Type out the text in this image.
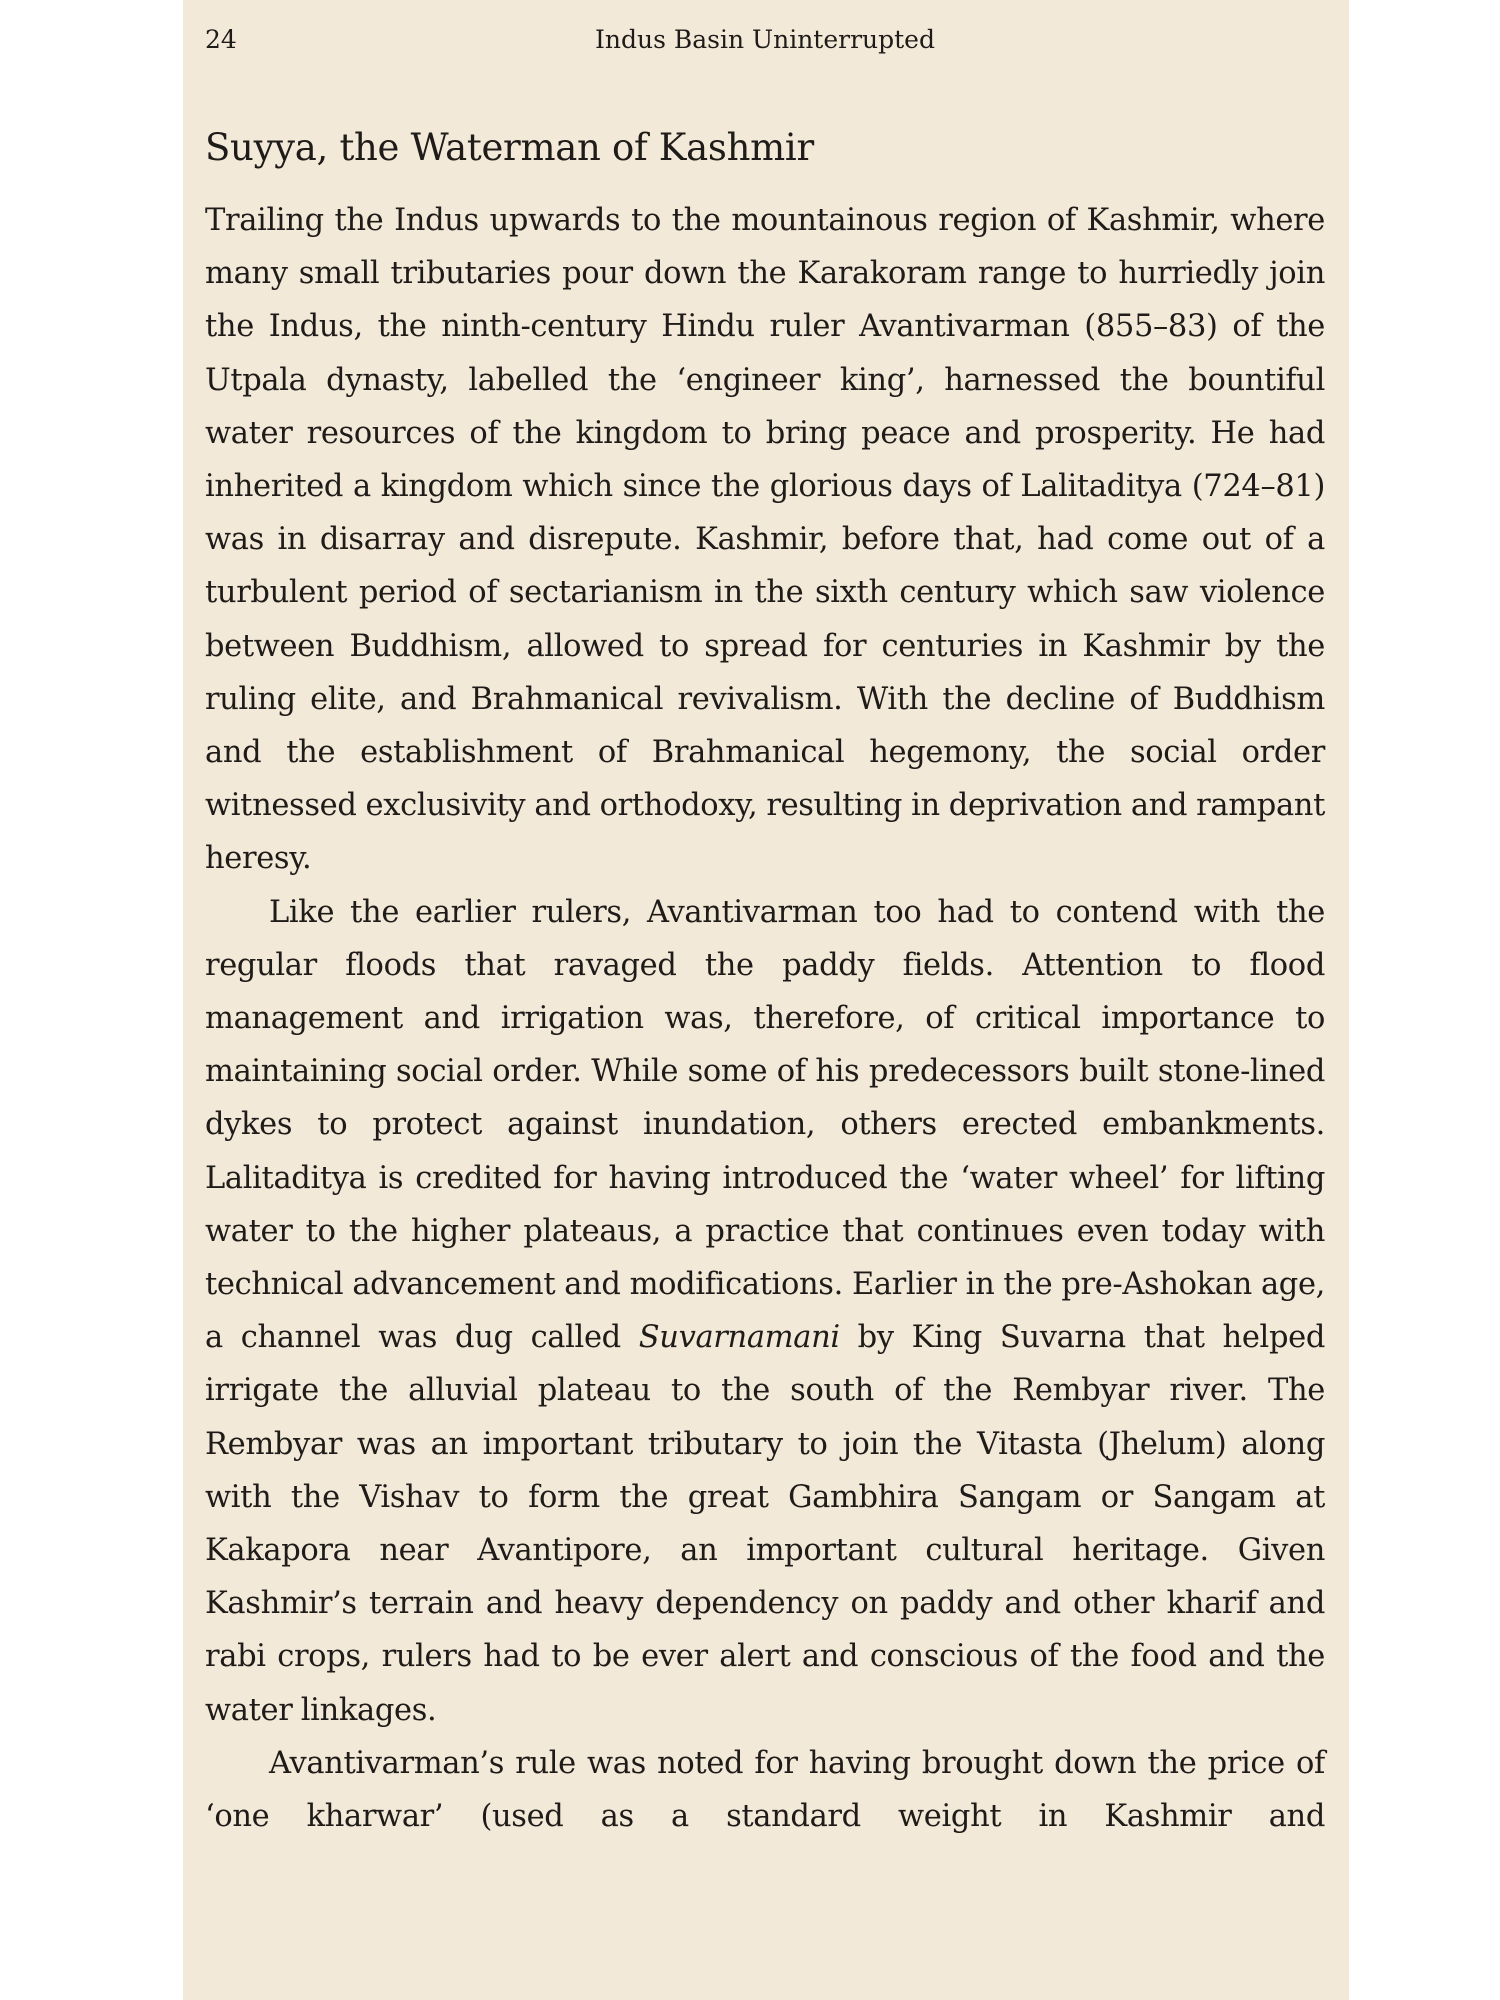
24	Indus Basin Uninterrupted
Suyya, the Waterman of Kashmir

Trailing the Indus upwards to the mountainous region of Kashmir, where many small tributaries pour down the Karakoram range to hurriedly join the Indus, the ninth-century Hindu ruler Avantivarman (855–83) of the Utpala dynasty, labelled the ‘engineer king’, harnessed the bountiful water resources of the kingdom to bring peace and prosperity. He had inherited a kingdom which since the glorious days of Lalitaditya (724–81) was in disarray and disrepute. Kashmir, before that, had come out of a turbulent period of sectarianism in the sixth century which saw violence between Buddhism, allowed to spread for centuries in Kashmir by the ruling elite, and Brahmanical revivalism. With the decline of Buddhism and the establishment of Brahmanical hegemony, the social order witnessed exclusivity and orthodoxy, resulting in deprivation and rampant heresy.

Like the earlier rulers, Avantivarman too had to contend with the regular floods that ravaged the paddy fields. Attention to flood management and irrigation was, therefore, of critical importance to maintaining social order. While some of his predecessors built stone-lined dykes to protect against inundation, others erected embankments. Lalitaditya is credited for having introduced the ‘water wheel’ for lifting water to the higher plateaus, a practice that continues even today with technical advancement and modifications. Earlier in the pre-Ashokan age, a channel was dug called Suvarnamani by King Suvarna that helped irrigate the alluvial plateau to the south of the Rembyar river. The Rembyar was an important tributary to join the Vitasta (Jhelum) along with the Vishav to form the great Gambhira Sangam or Sangam at Kakapora near Avantipore, an important cultural heritage. Given Kashmir’s terrain and heavy dependency on paddy and other kharif and rabi crops, rulers had to be ever alert and conscious of the food and the water linkages.

Avantivarman’s rule was noted for having brought down the price of ‘one kharwar’ (used as a standard weight in Kashmir and
